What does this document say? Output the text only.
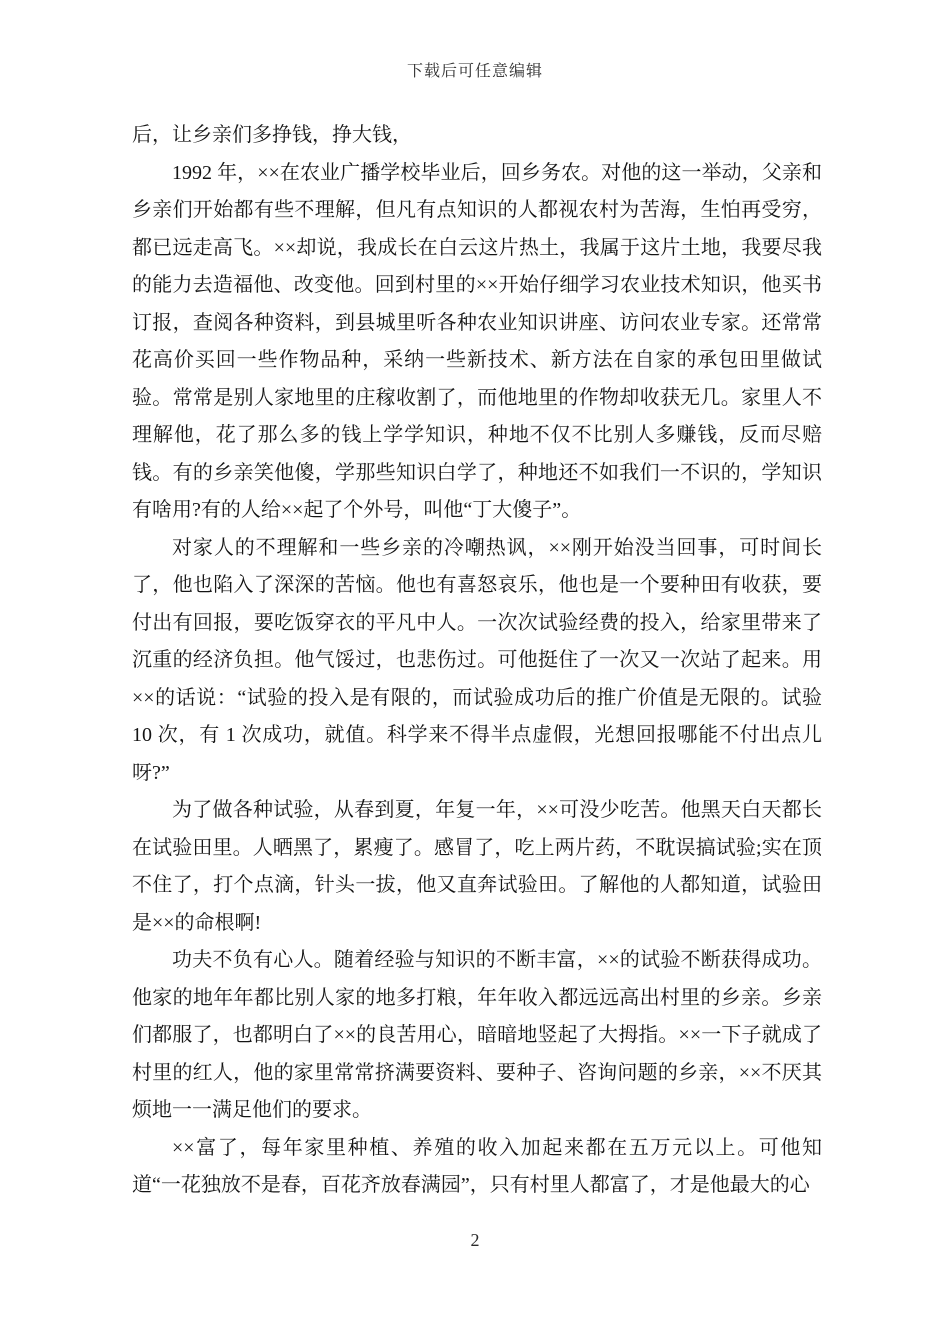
下载后可任意编辑

后，让乡亲们多挣钱，挣大钱，

1992 年，××在农业广播学校毕业后，回乡务农。对他的这一举动，父亲和乡亲们开始都有些不理解，但凡有点知识的人都视农村为苦海，生怕再受穷，都已远走高飞。××却说，我成长在白云这片热土，我属于这片土地，我要尽我的能力去造福他、改变他。回到村里的××开始仔细学习农业技术知识，他买书订报，查阅各种资料，到县城里听各种农业知识讲座、访问农业专家。还常常花高价买回一些作物品种，采纳一些新技术、新方法在自家的承包田里做试验。常常是别人家地里的庄稼收割了，而他地里的作物却收获无几。家里人不理解他，花了那么多的钱上学学知识，种地不仅不比别人多赚钱，反而尽赔钱。有的乡亲笑他傻，学那些知识白学了，种地还不如我们一不识的，学知识有啥用?有的人给××起了个外号，叫他“丁大傻子”。

对家人的不理解和一些乡亲的冷嘲热讽，××刚开始没当回事，可时间长了，他也陷入了深深的苦恼。他也有喜怒哀乐，他也是一个要种田有收获，要付出有回报，要吃饭穿衣的平凡中人。一次次试验经费的投入，给家里带来了沉重的经济负担。他气馁过，也悲伤过。可他挺住了一次又一次站了起来。用××的话说：“试验的投入是有限的，而试验成功后的推广价值是无限的。试验 10 次，有 1 次成功，就值。科学来不得半点虚假，光想回报哪能不付出点儿呀?”

为了做各种试验，从春到夏，年复一年，××可没少吃苦。他黑天白天都长在试验田里。人晒黑了，累瘦了。感冒了，吃上两片药，不耽误搞试验;实在顶不住了，打个点滴，针头一拔，他又直奔试验田。了解他的人都知道，试验田是××的命根啊!

功夫不负有心人。随着经验与知识的不断丰富，××的试验不断获得成功。他家的地年年都比别人家的地多打粮，年年收入都远远高出村里的乡亲。乡亲们都服了，也都明白了××的良苦用心，暗暗地竖起了大拇指。××一下子就成了村里的红人，他的家里常常挤满要资料、要种子、咨询问题的乡亲，××不厌其烦地一一满足他们的要求。

××富了，每年家里种植、养殖的收入加起来都在五万元以上。可他知道“一花独放不是春，百花齐放春满园”，只有村里人都富了，才是他最大的心

2
